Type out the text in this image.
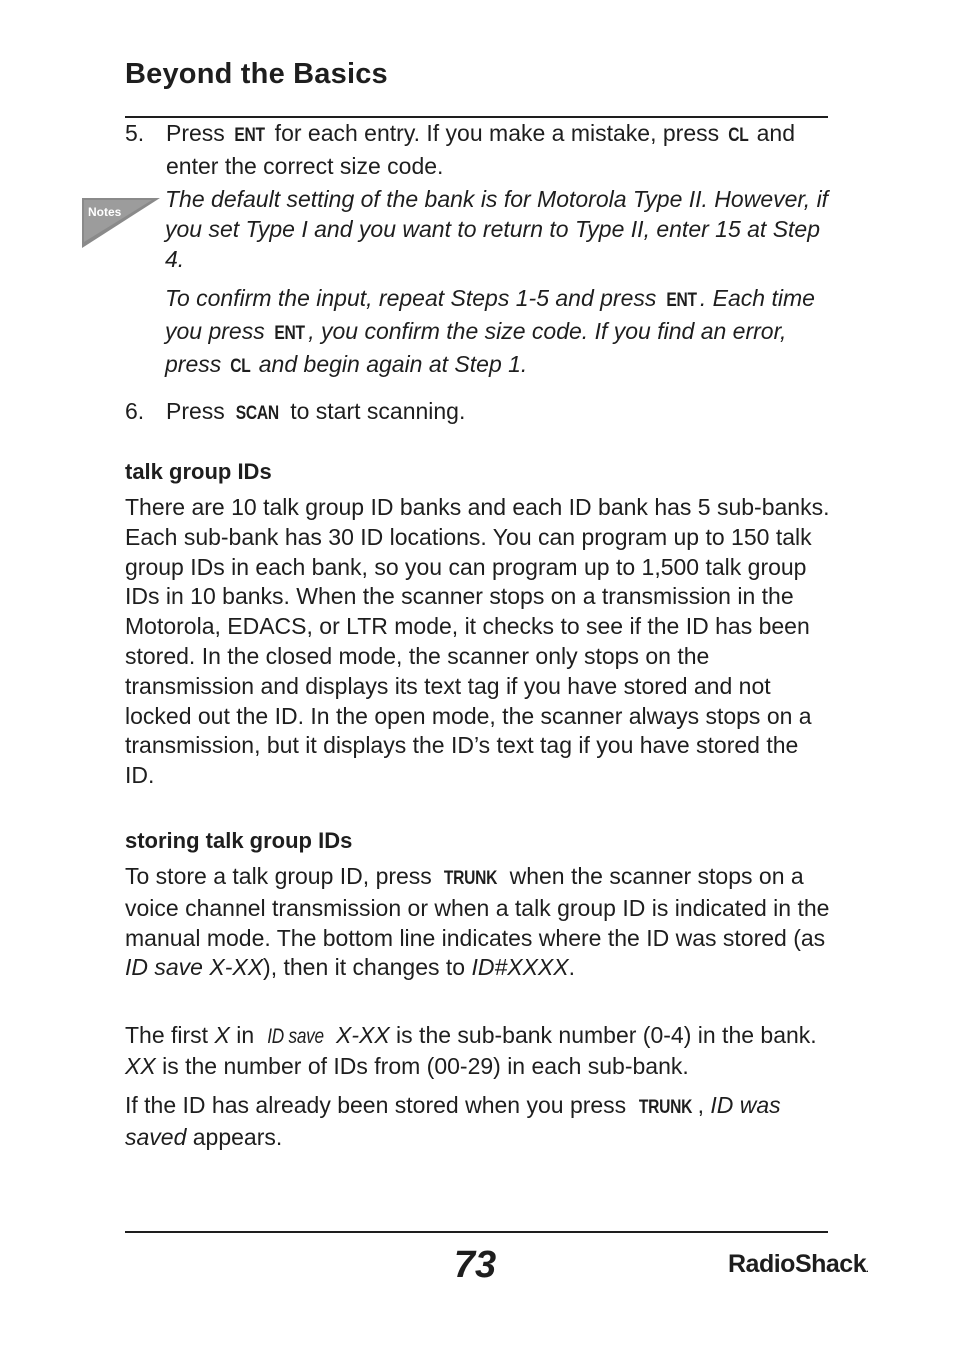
Beyond the Basics
5. Press ENT for each entry. If you make a mistake, press CL and enter the correct size code.
Notes The default setting of the bank is for Motorola Type II. However, if you set Type I and you want to return to Type II, enter 15 at Step 4.
To confirm the input, repeat Steps 1-5 and press ENT . Each time you press ENT , you confirm the size code. If you find an error, press CL and begin again at Step 1.
6. Press SCAN to start scanning.
talk group IDs
There are 10 talk group ID banks and each ID bank has 5 sub-banks. Each sub-bank has 30 ID locations. You can program up to 150 talk group IDs in each bank, so you can program up to 1,500 talk group IDs in 10 banks. When the scanner stops on a transmission in the Motorola, EDACS, or LTR mode, it checks to see if the ID has been stored. In the closed mode, the scanner only stops on the transmission and displays its text tag if you have stored and not locked out the ID. In the open mode, the scanner always stops on a transmission, but it displays the ID’s text tag if you have stored the ID.
storing talk group IDs
To store a talk group ID, press TRUNK when the scanner stops on a voice channel transmission or when a talk group ID is indicated in the manual mode. The bottom line indicates where the ID was stored (as ID save X-XX), then it changes to ID#XXXX.
The first X in ID save X-XX is the sub-bank number (0-4) in the bank. XX is the number of IDs from (00-29) in each sub-bank.
If the ID has already been stored when you press TRUNK , ID was saved appears.
73	RadioShack.
